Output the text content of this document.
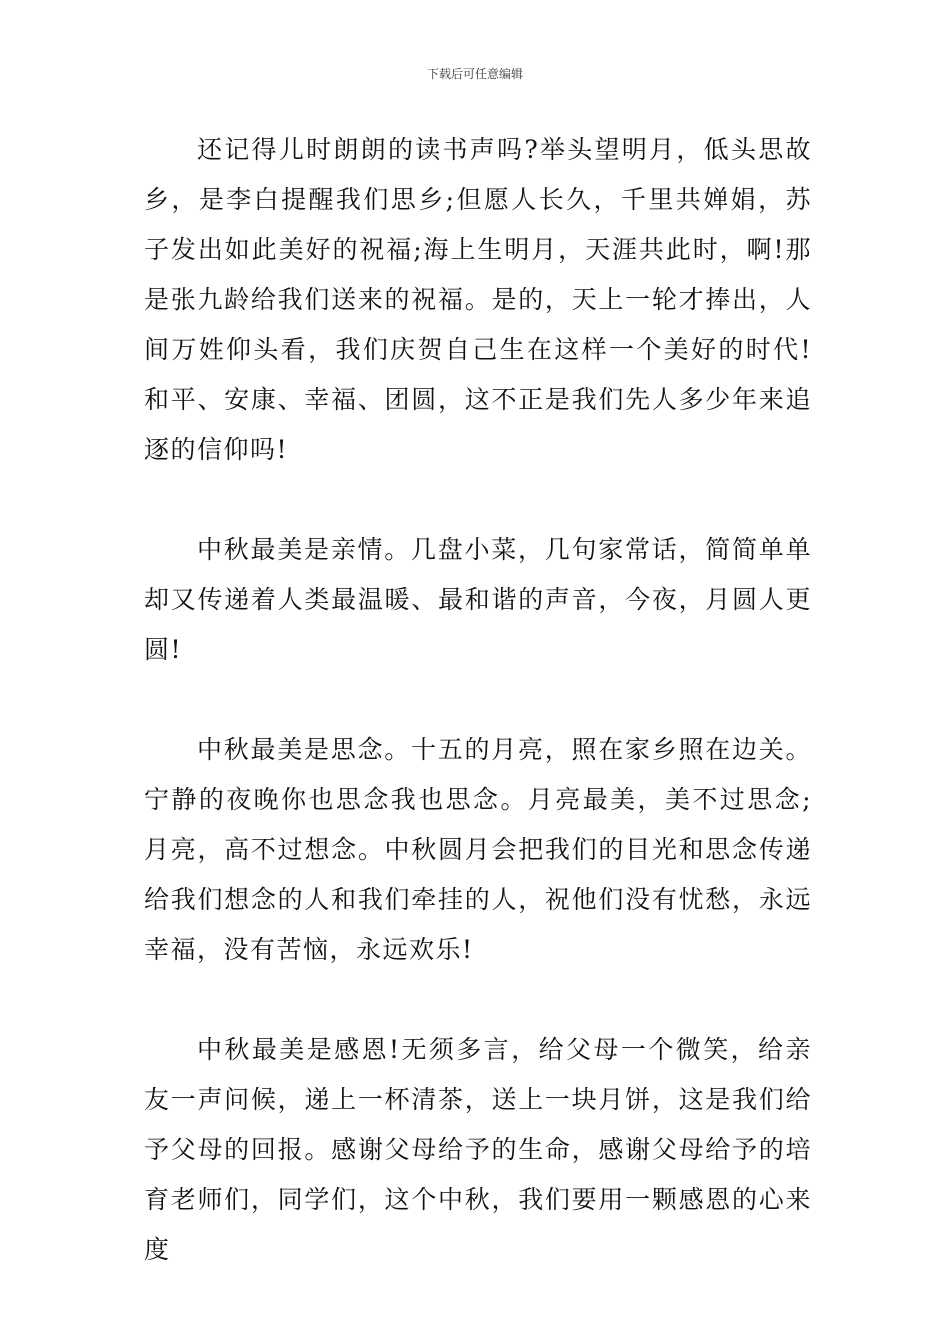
下载后可任意编辑

还记得儿时朗朗的读书声吗?举头望明月，低头思故乡，是李白提醒我们思乡;但愿人长久，千里共婵娟，苏子发出如此美好的祝福;海上生明月，天涯共此时，啊!那是张九龄给我们送来的祝福。是的，天上一轮才捧出，人间万姓仰头看，我们庆贺自己生在这样一个美好的时代!和平、安康、幸福、团圆，这不正是我们先人多少年来追逐的信仰吗!

中秋最美是亲情。几盘小菜，几句家常话，简简单单却又传递着人类最温暖、最和谐的声音，今夜，月圆人更圆!

中秋最美是思念。十五的月亮，照在家乡照在边关。宁静的夜晚你也思念我也思念。月亮最美，美不过思念;月亮，高不过想念。中秋圆月会把我们的目光和思念传递给我们想念的人和我们牵挂的人，祝他们没有忧愁，永远幸福，没有苦恼，永远欢乐!

中秋最美是感恩!无须多言，给父母一个微笑，给亲友一声问候，递上一杯清茶，送上一块月饼，这是我们给予父母的回报。感谢父母给予的生命，感谢父母给予的培育老师们，同学们，这个中秋，我们要用一颗感恩的心来度
